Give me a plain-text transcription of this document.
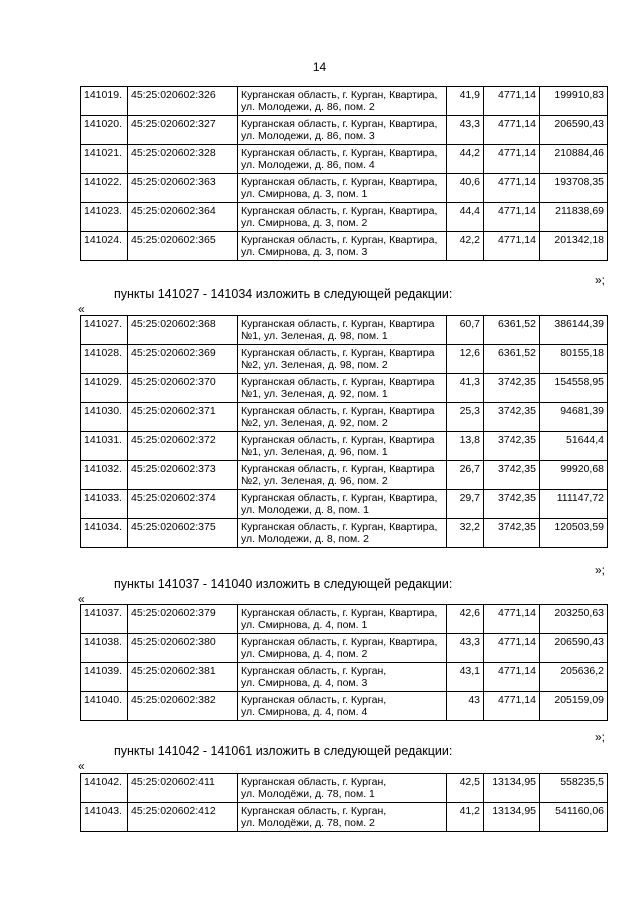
14
141019.	45:25:020602:326	Курганская область, г. Курган, Квартира,
ул. Молодежи, д. 86, пом. 2	41,9	4771,14	199910,83
141020.	45:25:020602:327	Курганская область, г. Курган, Квартира,
ул. Молодежи, д. 86, пом. 3	43,3	4771,14	206590,43
141021.	45:25:020602:328	Курганская область, г. Курган, Квартира,
ул. Молодежи, д. 86, пом. 4	44,2	4771,14	210884,46
141022.	45:25:020602:363	Курганская область, г. Курган, Квартира,
ул. Смирнова, д. 3, пом. 1	40,6	4771,14	193708,35
141023.	45:25:020602:364	Курганская область, г. Курган, Квартира,
ул. Смирнова, д. 3, пом. 2	44,4	4771,14	211838,69
141024.	45:25:020602:365	Курганская область, г. Курган, Квартира,
ул. Смирнова, д. 3, пом. 3	42,2	4771,14	201342,18
»;
пункты 141027 - 141034 изложить в следующей редакции:
«
141027.	45:25:020602:368	Курганская область, г. Курган, Квартира
№1, ул. Зеленая, д. 98, пом. 1	60,7	6361,52	386144,39
141028.	45:25:020602:369	Курганская область, г. Курган, Квартира
№2, ул. Зеленая, д. 98, пом. 2	12,6	6361,52	80155,18
141029.	45:25:020602:370	Курганская область, г. Курган, Квартира
№1, ул. Зеленая, д. 92, пом. 1	41,3	3742,35	154558,95
141030.	45:25:020602:371	Курганская область, г. Курган, Квартира
№2, ул. Зеленая, д. 92, пом. 2	25,3	3742,35	94681,39
141031.	45:25:020602:372	Курганская область, г. Курган, Квартира
№1, ул. Зеленая, д. 96, пом. 1	13,8	3742,35	51644,4
141032.	45:25:020602:373	Курганская область, г. Курган, Квартира
№2, ул. Зеленая, д. 96, пом. 2	26,7	3742,35	99920,68
141033.	45:25:020602:374	Курганская область, г. Курган, Квартира,
ул. Молодежи, д. 8, пом. 1	29,7	3742,35	111147,72
141034.	45:25:020602:375	Курганская область, г. Курган, Квартира,
ул. Молодежи, д. 8, пом. 2	32,2	3742,35	120503,59
»;
пункты 141037 - 141040 изложить в следующей редакции:
«
141037.	45:25:020602:379	Курганская область, г. Курган, Квартира,
ул. Смирнова, д. 4, пом. 1	42,6	4771,14	203250,63
141038.	45:25:020602:380	Курганская область, г. Курган, Квартира,
ул. Смирнова, д. 4, пом. 2	43,3	4771,14	206590,43
141039.	45:25:020602:381	Курганская область, г. Курган,
ул. Смирнова, д. 4, пом. 3	43,1	4771,14	205636,2
141040.	45:25:020602:382	Курганская область, г. Курган,
ул. Смирнова, д. 4, пом. 4	43	4771,14	205159,09
»;
пункты 141042 - 141061 изложить в следующей редакции:
«
141042.	45:25:020602:411	Курганская область, г. Курган,
ул. Молодёжи, д. 78, пом. 1	42,5	13134,95	558235,5
141043.	45:25:020602:412	Курганская область, г. Курган,
ул. Молодёжи, д. 78, пом. 2	41,2	13134,95	541160,06
